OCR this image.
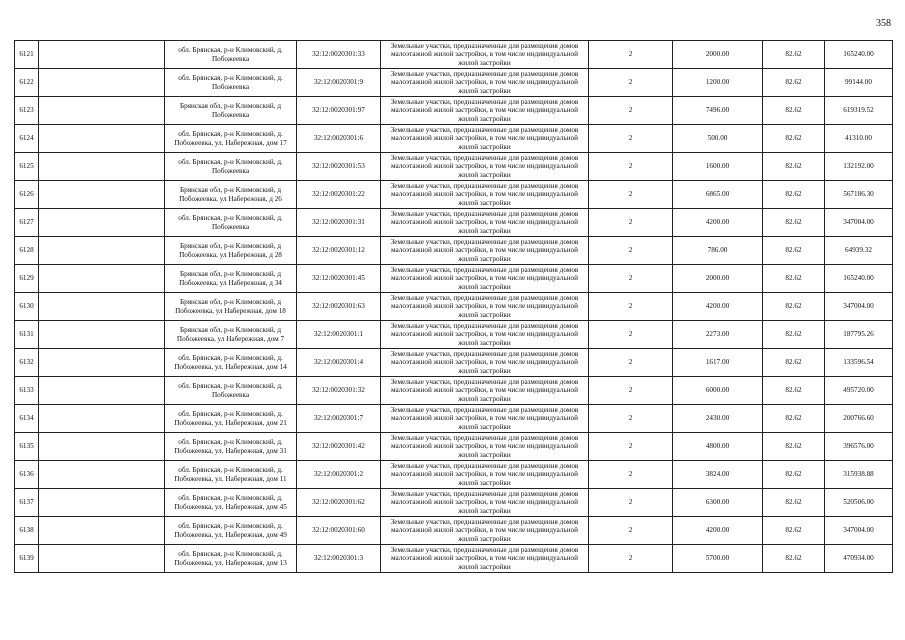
358
6121		обл. Брянская, р-н Климовский, д. Побожеевка	32:12:0020301:33	Земельные участки, предназначенные для размещения домов малоэтажной жилой застройки, в том числе индивидуальной жилой застройки	2	2000.00	82.62	165240.00
6122		обл. Брянская, р-н Климовский, д. Побожеевка	32:12:0020301:9	Земельные участки, предназначенные для размещения домов малоэтажной жилой застройки, в том числе индивидуальной жилой застройки	2	1200.00	82.62	99144.00
6123		Брянская обл, р-н Климовский, д Побожеевка	32:12:0020301:97	Земельные участки, предназначенные для размещения домов малоэтажной жилой застройки, в том числе индивидуальной жилой застройки	2	7496.00	82.62	619319.52
6124		обл. Брянская, р-н Климовский, д. Побожеевка, ул. Набережная, дом 17	32:12:0020301:6	Земельные участки, предназначенные для размещения домов малоэтажной жилой застройки, в том числе индивидуальной жилой застройки	2	500.00	82.62	41310.00
6125		обл. Брянская, р-н Климовский, д. Побожеевка	32:12:0020301:53	Земельные участки, предназначенные для размещения домов малоэтажной жилой застройки, в том числе индивидуальной жилой застройки	2	1600.00	82.62	132192.00
6126		Брянская обл, р-н Климовский, д Побожеевка, ул Набережная, д 26	32:12:0020301:22	Земельные участки, предназначенные для размещения домов малоэтажной жилой застройки, в том числе индивидуальной жилой застройки	2	6865.00	82.62	567186.30
6127		обл. Брянская, р-н Климовский, д. Побожеевка	32:12:0020301:31	Земельные участки, предназначенные для размещения домов малоэтажной жилой застройки, в том числе индивидуальной жилой застройки	2	4200.00	82.62	347004.00
6128		Брянская обл, р-н Климовский, д Побожеевка, ул Набережная, д 28	32:12:0020301:12	Земельные участки, предназначенные для размещения домов малоэтажной жилой застройки, в том числе индивидуальной жилой застройки	2	786.00	82.62	64939.32
6129		Брянская обл, р-н Климовский, д Побожеевка, ул Набережная, д 34	32:12:0020301:45	Земельные участки, предназначенные для размещения домов малоэтажной жилой застройки, в том числе индивидуальной жилой застройки	2	2000.00	82.62	165240.00
6130		Брянская обл, р-н Климовский, д Побожеевка, ул Набережная, дом 18	32:12:0020301:63	Земельные участки, предназначенные для размещения домов малоэтажной жилой застройки, в том числе индивидуальной жилой застройки	2	4200.00	82.62	347004.00
6131		Брянская обл, р-н Климовский, д Побожеевка, ул Набережная, дом 7	32:12:0020301:1	Земельные участки, предназначенные для размещения домов малоэтажной жилой застройки, в том числе индивидуальной жилой застройки	2	2273.00	82.62	187795.26
6132		обл. Брянская, р-н Климовский, д. Побожеевка, ул. Набережная, дом 14	32:12:0020301:4	Земельные участки, предназначенные для размещения домов малоэтажной жилой застройки, в том числе индивидуальной жилой застройки	2	1617.00	82.62	133596.54
6133		обл. Брянская, р-н Климовский, д. Побожеевка	32:12:0020301:32	Земельные участки, предназначенные для размещения домов малоэтажной жилой застройки, в том числе индивидуальной жилой застройки	2	6000.00	82.62	495720.00
6134		обл. Брянская, р-н Климовский, д. Побожеевка, ул. Набережная, дом 21	32:12:0020301:7	Земельные участки, предназначенные для размещения домов малоэтажной жилой застройки, в том числе индивидуальной жилой застройки	2	2430.00	82.62	200766.60
6135		обл. Брянская, р-н Климовский, д. Побожеевка, ул. Набережная, дом 31	32:12:0020301:42	Земельные участки, предназначенные для размещения домов малоэтажной жилой застройки, в том числе индивидуальной жилой застройки	2	4800.00	82.62	396576.00
6136		обл. Брянская, р-н Климовский, д. Побожеевка, ул. Набережная, дом 11	32:12:0020301:2	Земельные участки, предназначенные для размещения домов малоэтажной жилой застройки, в том числе индивидуальной жилой застройки	2	3824.00	82.62	315938.88
6137		обл. Брянская, р-н Климовский, д. Побожеевка, ул. Набережная, дом 45	32:12:0020301:62	Земельные участки, предназначенные для размещения домов малоэтажной жилой застройки, в том числе индивидуальной жилой застройки	2	6300.00	82.62	520506.00
6138		обл. Брянская, р-н Климовский, д. Побожеевка, ул. Набережная, дом 49	32:12:0020301:60	Земельные участки, предназначенные для размещения домов малоэтажной жилой застройки, в том числе индивидуальной жилой застройки	2	4200.00	82.62	347004.00
6139		обл. Брянская, р-н Климовский, д. Побожеевка, ул. Набережная, дом 13	32:12:0020301:3	Земельные участки, предназначенные для размещения домов малоэтажной жилой застройки, в том числе индивидуальной жилой застройки	2	5700.00	82.62	470934.00
